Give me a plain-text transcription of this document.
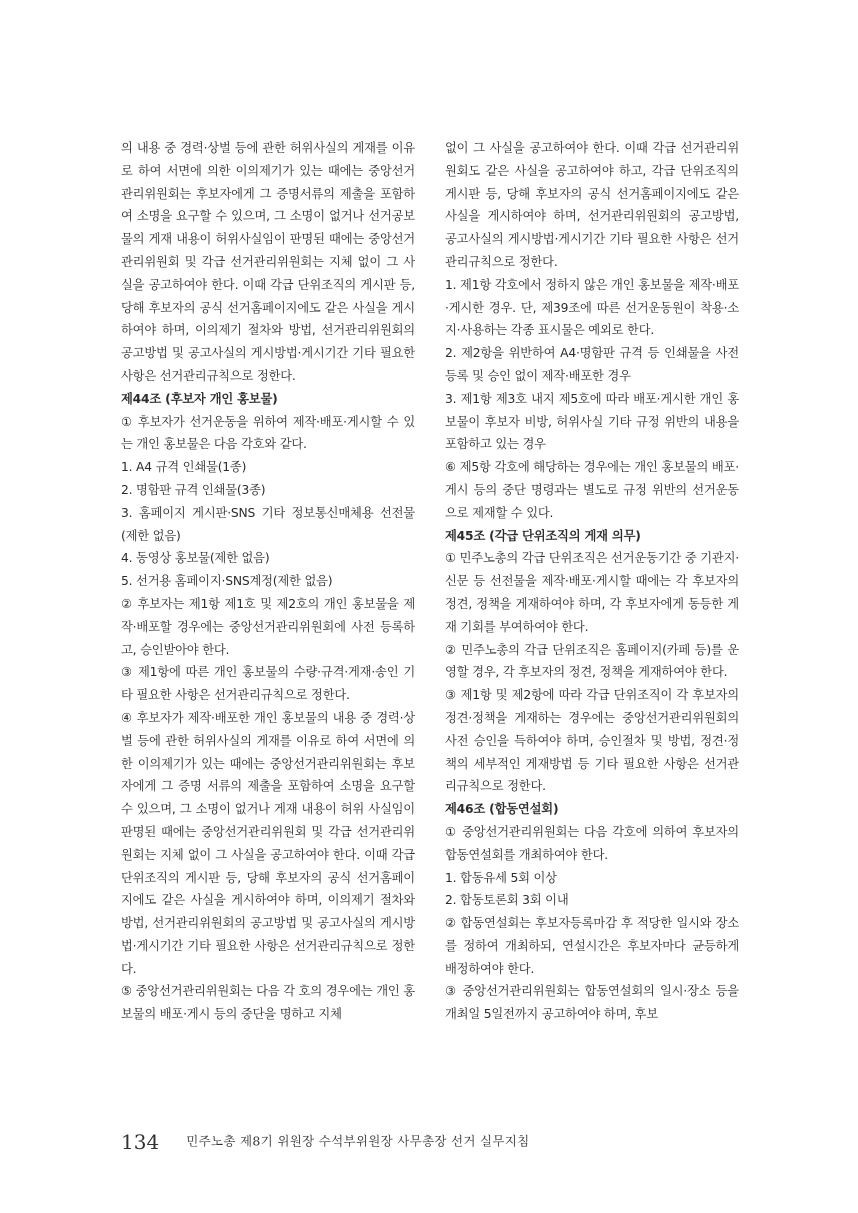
의 내용 중 경력·상벌 등에 관한 허위사실의 게재를 이유로 하여 서면에 의한 이의제기가 있는 때에는 중앙선거관리위원회는 후보자에게 그 증명서류의 제출을 포함하여 소명을 요구할 수 있으며, 그 소명이 없거나 선거공보물의 게재 내용이 허위사실임이 판명된 때에는 중앙선거관리위원회 및 각급 선거관리위원회는 지체 없이 그 사실을 공고하여야 한다. 이때 각급 단위조직의 게시판 등, 당해 후보자의 공식 선거홈페이지에도 같은 사실을 게시하여야 하며, 이의제기 절차와 방법, 선거관리위원회의 공고방법 및 공고사실의 게시방법·게시기간 기타 필요한 사항은 선거관리규칙으로 정한다.

제44조 (후보자 개인 홍보물)

① 후보자가 선거운동을 위하여 제작·배포·게시할 수 있는 개인 홍보물은 다음 각호와 같다.

1. A4 규격 인쇄물(1종)

2. 명함판 규격 인쇄물(3종)

3. 홈페이지 게시판·SNS 기타 정보통신매체용 선전물(제한 없음)

4. 동영상 홍보물(제한 없음)

5. 선거용 홈페이지·SNS계정(제한 없음)

② 후보자는 제1항 제1호 및 제2호의 개인 홍보물을 제작·배포할 경우에는 중앙선거관리위원회에 사전 등록하고, 승인받아야 한다.

③ 제1항에 따른 개인 홍보물의 수량·규격·게재·송인 기타 필요한 사항은 선거관리규칙으로 정한다.

④ 후보자가 제작·배포한 개인 홍보물의 내용 중 경력·상벌 등에 관한 허위사실의 게재를 이유로 하여 서면에 의한 이의제기가 있는 때에는 중앙선거관리위원회는 후보자에게 그 증명 서류의 제출을 포함하여 소명을 요구할 수 있으며, 그 소명이 없거나 게재 내용이 허위 사실임이 판명된 때에는 중앙선거관리위원회 및 각급 선거관리위원회는 지체 없이 그 사실을 공고하여야 한다. 이때 각급 단위조직의 게시판 등, 당해 후보자의 공식 선거홈페이지에도 같은 사실을 게시하여야 하며, 이의제기 절차와 방법, 선거관리위원회의 공고방법 및 공고사실의 게시방법·게시기간 기타 필요한 사항은 선거관리규칙으로 정한다.

⑤ 중앙선거관리위원회는 다음 각 호의 경우에는 개인 홍보물의 배포·게시 등의 중단을 명하고 지체

없이 그 사실을 공고하여야 한다. 이때 각급 선거관리위원회도 같은 사실을 공고하여야 하고, 각급 단위조직의 게시판 등, 당해 후보자의 공식 선거홈페이지에도 같은 사실을 게시하여야 하며, 선거관리위원회의 공고방법, 공고사실의 게시방법·게시기간 기타 필요한 사항은 선거관리규칙으로 정한다.

1. 제1항 각호에서 정하지 않은 개인 홍보물을 제작·배포·게시한 경우. 단, 제39조에 따른 선거운동원이 착용·소지·사용하는 각종 표시물은 예외로 한다.

2. 제2항을 위반하여 A4·명함판 규격 등 인쇄물을 사전 등록 및 승인 없이 제작·배포한 경우

3. 제1항 제3호 내지 제5호에 따라 배포·게시한 개인 홍보물이 후보자 비방, 허위사실 기타 규정 위반의 내용을 포함하고 있는 경우

⑥ 제5항 각호에 해당하는 경우에는 개인 홍보물의 배포·게시 등의 중단 명령과는 별도로 규정 위반의 선거운동으로 제재할 수 있다.

제45조 (각급 단위조직의 게재 의무)

① 민주노총의 각급 단위조직은 선거운동기간 중 기관지·신문 등 선전물을 제작·배포·게시할 때에는 각 후보자의 정견, 정책을 게재하여야 하며, 각 후보자에게 동등한 게재 기회를 부여하여야 한다.

② 민주노총의 각급 단위조직은 홈페이지(카페 등)를 운영할 경우, 각 후보자의 정견, 정책을 게재하여야 한다.

③ 제1항 및 제2항에 따라 각급 단위조직이 각 후보자의 정견·정책을 게재하는 경우에는 중앙선거관리위원회의 사전 승인을 득하여야 하며, 승인절차 및 방법, 정견·정책의 세부적인 게재방법 등 기타 필요한 사항은 선거관리규칙으로 정한다.

제46조 (합동연설회)

① 중앙선거관리위원회는 다음 각호에 의하여 후보자의 합동연설회를 개최하여야 한다.

1. 합동유세 5회 이상

2. 합동토론회 3회 이내

② 합동연설회는 후보자등록마감 후 적당한 일시와 장소를 정하여 개최하되, 연설시간은 후보자마다 균등하게 배정하여야 한다.

③ 중앙선거관리위원회는 합동연설회의 일시·장소 등을 개최일 5일전까지 공고하여야 하며, 후보

134 민주노총 제8기 위원장 수석부위원장 사무총장 선거 실무지침
